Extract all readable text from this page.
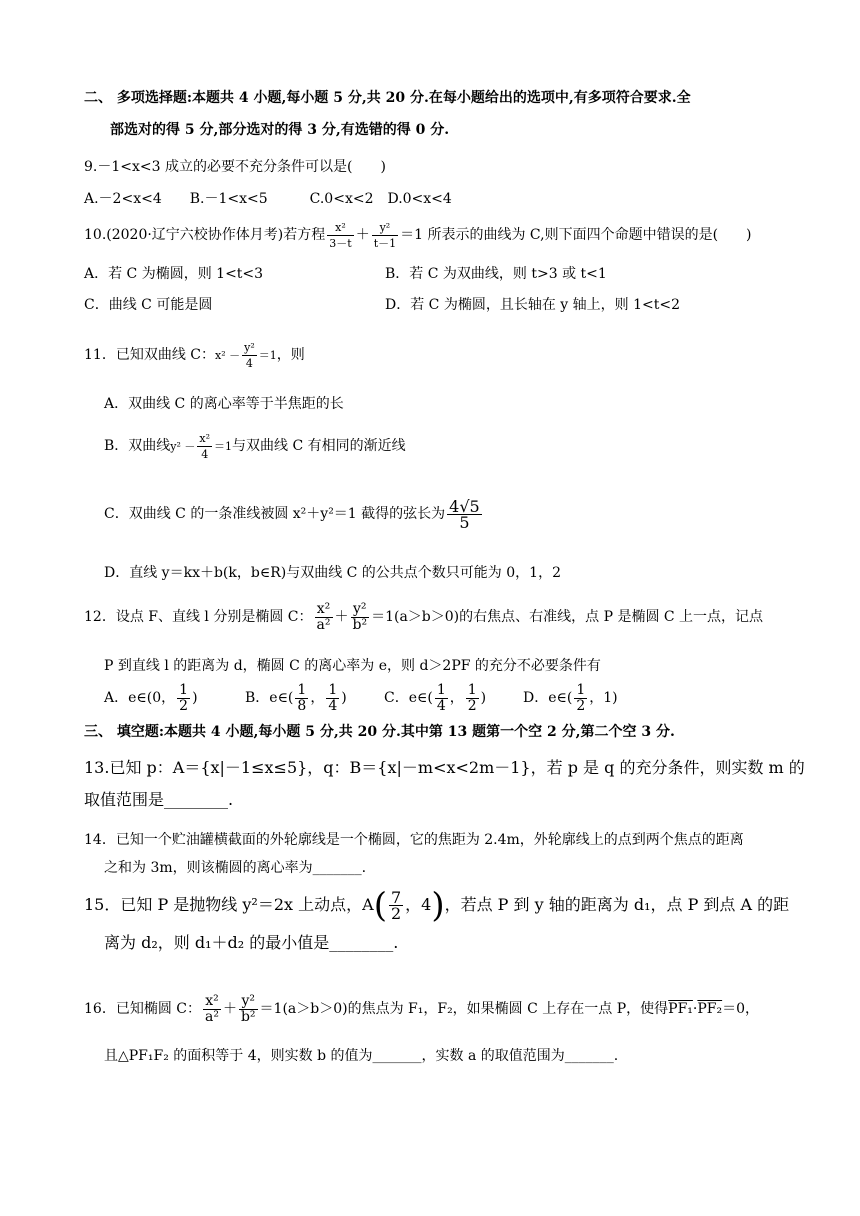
二、 多项选择题:本题共 4 小题,每小题 5 分,共 20 分.在每小题给出的选项中,有多项符合要求.全
部选对的得 5 分,部分选对的得 3 分,有选错的得 0 分.
9.－1<x<3 成立的必要不充分条件可以是(　　)
A.－2<x<4　　B.－1<x<5　　　C.0<x<2　D.0<x<4
10.(2020·辽宁六校协作体月考)若方程 $\frac{\text{x²}}{3-t} + \frac{\text{y²}}{t-1} =1$ 所表示的曲线为 C,则下面四个命题中错误的是(　　)
A．若 C 为椭圆，则 1<t<3	B．若 C 为双曲线，则 t>3 或 t<1
C．曲线 C 可能是圆	D．若 C 为椭圆，且长轴在 y 轴上，则 1<t<2
11．已知双曲线 C：$x^2 - \frac{\text{y²}}{4} =1$，则
A．双曲线 C 的离心率等于半焦距的长
B．双曲线$y^2 - \frac{\text{x²}}{4} =1$与双曲线 C 有相同的渐近线
C．双曲线 C 的一条准线被圆 x²＋y²＝1 截得的弦长为 $\frac{4√5}{5}$
D．直线 y＝kx＋b(k，b∈R)与双曲线 C 的公共点个数只可能为 0，1，2
12．设点 F、直线 l 分别是椭圆 C： $\frac{\text{x²}}{\text{a²}} + \frac{\text{y²}}{\text{b²}} =1(a>b>0)$的右焦点、右准线，点 P 是椭圆 C 上一点，记点
P 到直线 l 的距离为 d，椭圆 C 的离心率为 e，则 d＞2PF 的充分不必要条件有
A．e∈(0， $\frac{1}{2}$ )	B．e∈( $\frac{1}{8}$ ， $\frac{1}{4}$ )	C．e∈( $\frac{1}{4}$ ， $\frac{1}{2}$ )	D．e∈( $\frac{1}{2}$ ，1)
三、 填空题:本题共 4 小题,每小题 5 分,共 20 分.其中第 13 题第一个空 2 分,第二个空 3 分.
13.已知 p：A＝{x|－1≤x≤5}，q：B＝{x|－m<x<2m－1}，若 p 是 q 的充分条件，则实数 m 的
取值范围是________.
14．已知一个贮油罐横截面的外轮廓线是一个椭圆，它的焦距为 2.4m，外轮廓线上的点到两个焦点的距离
之和为 3m，则该椭圆的离心率为_______.
15．已知 P 是抛物线 y²＝2x 上动点，$A( \frac{7}{2}$ ，4)，若点 P 到 y 轴的距离为 d₁，点 P 到点 A 的距
离为 d₂，则 d₁＋d₂ 的最小值是________.
16．已知椭圆 C： $\frac{\text{x²}}{\text{a²}} + \frac{\text{y²}}{\text{b²}} =1(a>b>0)$的焦点为 F₁，F₂，如果椭圆 C 上存在一点 P，使得PF₁·PF₂＝0，
且△PF₁F₂ 的面积等于 4，则实数 b 的值为_______，实数 a 的取值范围为_______.
